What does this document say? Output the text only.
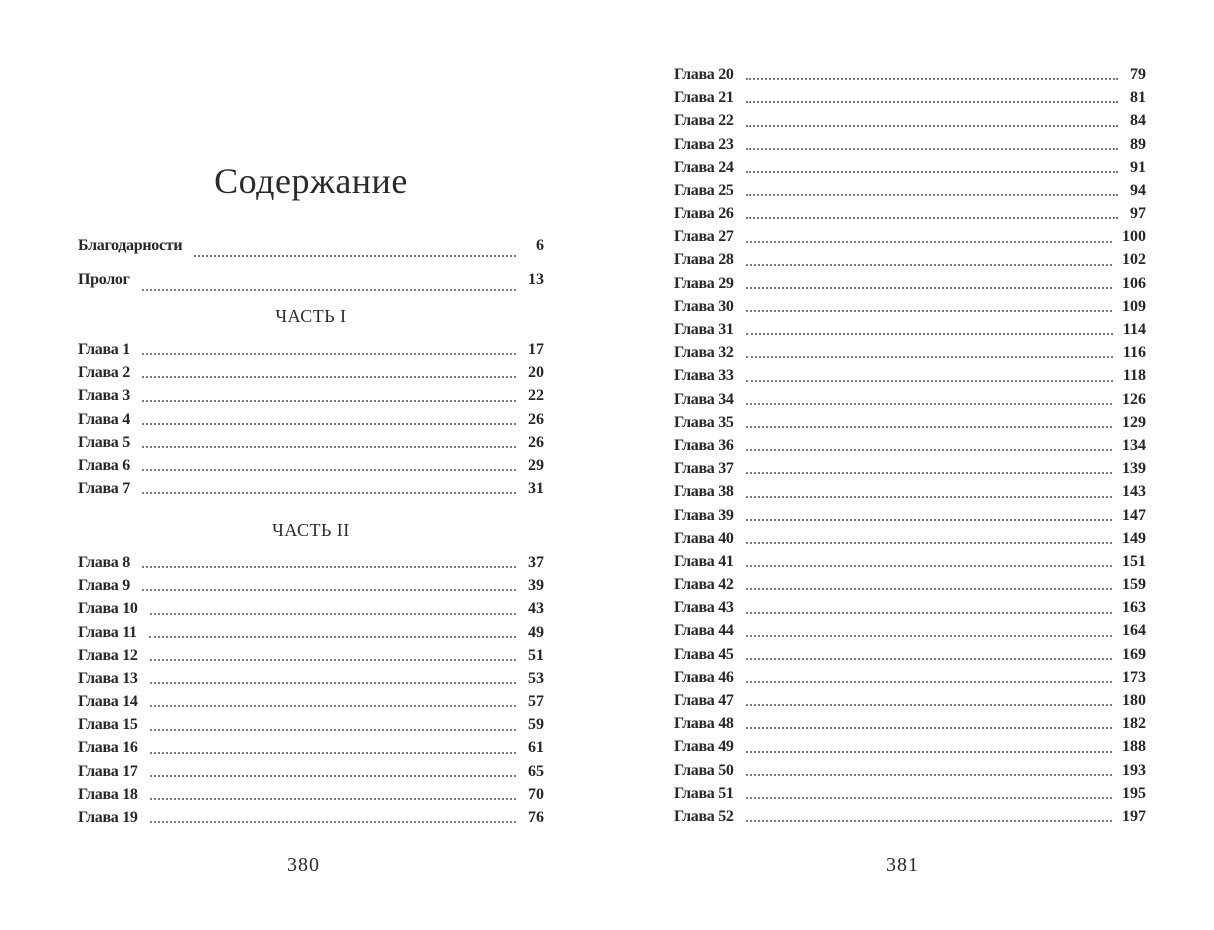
Содержание
Благодарности	6
Пролог	13
ЧАСТЬ I
Глава 1	17
Глава 2	20
Глава 3	22
Глава 4	26
Глава 5	26
Глава 6	29
Глава 7	31
ЧАСТЬ II
Глава 8	37
Глава 9	39
Глава 10	43
Глава 11	49
Глава 12	51
Глава 13	53
Глава 14	57
Глава 15	59
Глава 16	61
Глава 17	65
Глава 18	70
Глава 19	76
380
Глава 20	79
Глава 21	81
Глава 22	84
Глава 23	89
Глава 24	91
Глава 25	94
Глава 26	97
Глава 27	100
Глава 28	102
Глава 29	106
Глава 30	109
Глава 31	114
Глава 32	116
Глава 33	118
Глава 34	126
Глава 35	129
Глава 36	134
Глава 37	139
Глава 38	143
Глава 39	147
Глава 40	149
Глава 41	151
Глава 42	159
Глава 43	163
Глава 44	164
Глава 45	169
Глава 46	173
Глава 47	180
Глава 48	182
Глава 49	188
Глава 50	193
Глава 51	195
Глава 52	197
381
